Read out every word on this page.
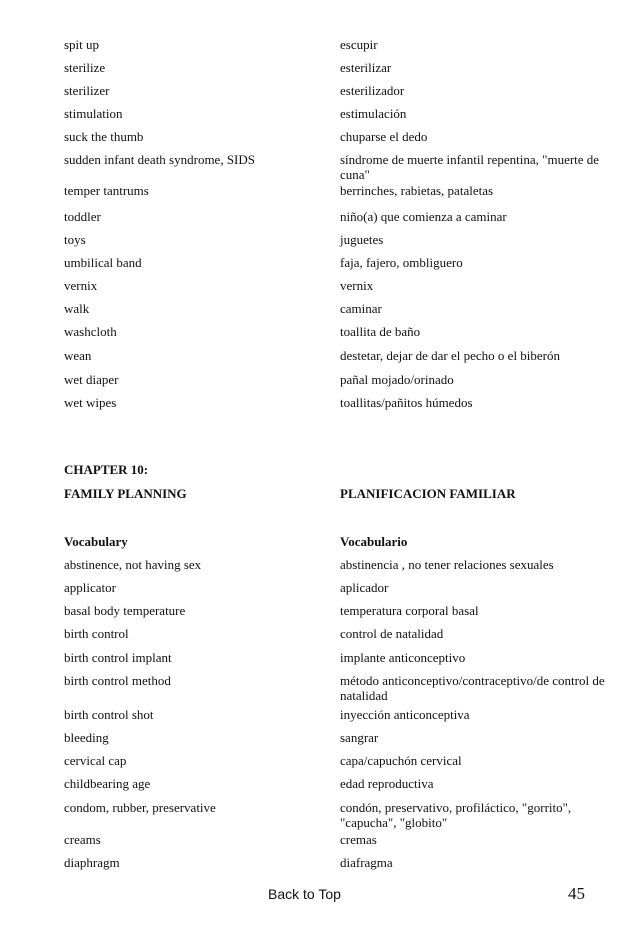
spit up	escupir
sterilize	esterilizar
sterilizer	esterilizador
stimulation	estimulación
suck the thumb	chuparse el dedo
sudden infant death syndrome, SIDS	síndrome de muerte infantil repentina, "muerte de cuna"
temper tantrums	berrinches, rabietas, pataletas
toddler	niño(a) que comienza a caminar
toys	juguetes
umbilical band	faja, fajero, ombliguero
vernix	vernix
walk	caminar
washcloth	toallita de baño
wean	destetar, dejar de dar el pecho o el biberón
wet diaper	pañal mojado/orinado
wet wipes	toallitas/pañitos húmedos
CHAPTER 10:
FAMILY PLANNING	PLANIFICACION FAMILIAR
Vocabulary	Vocabulario
abstinence, not having sex	abstinencia , no tener relaciones sexuales
applicator	aplicador
basal body temperature	temperatura corporal basal
birth control	control de natalidad
birth control implant	implante anticonceptivo
birth control method	método anticonceptivo/contraceptivo/de control de natalidad
birth control shot	inyección anticonceptiva
bleeding	sangrar
cervical cap	capa/capuchón cervical
childbearing age	edad reproductiva
condom, rubber, preservative	condón, preservativo, profiláctico, "gorrito", "capucha", "globito"
creams	cremas
diaphragm	diafragma
Back to Top	45
